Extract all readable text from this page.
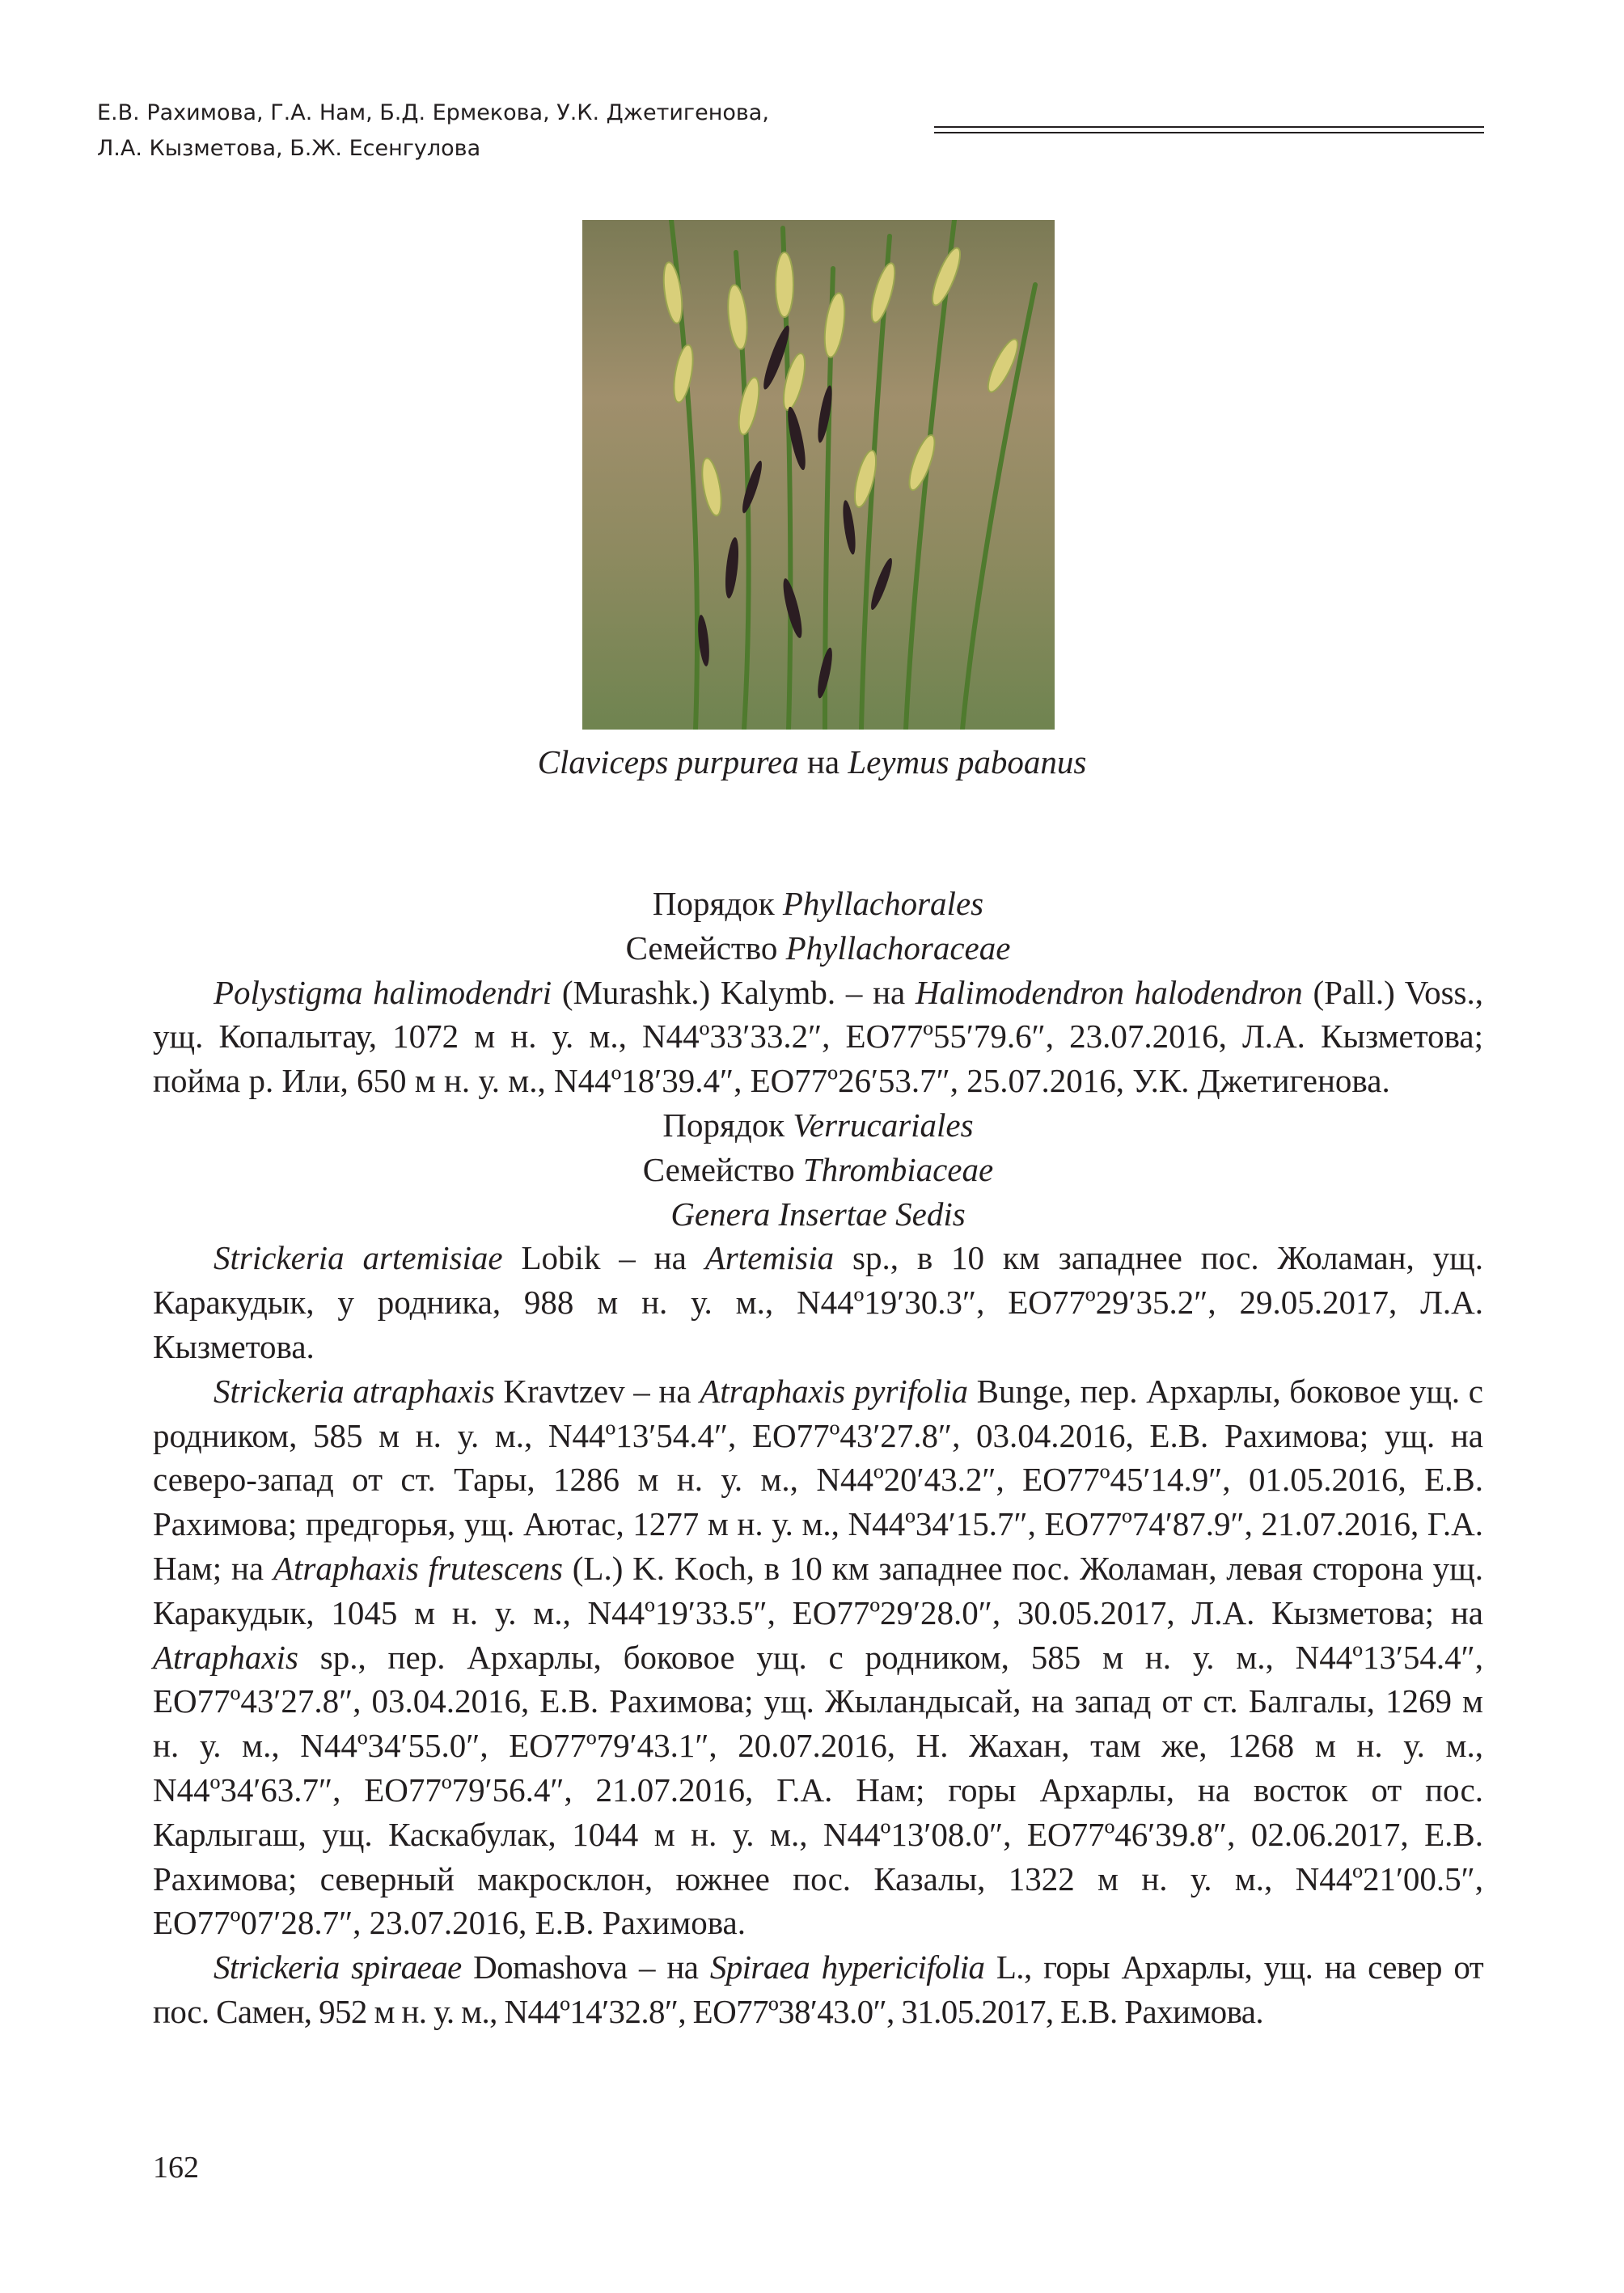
Е.В. Рахимова, Г.А. Нам, Б.Д. Ермекова, У.К. Джетигенова,
Л.А. Кызметова, Б.Ж. Есенгулова
Claviceps purpurea на Leymus paboanus
Порядок Phyllachorales
Семейство Phyllachoraceae

Polystigma halimodendri (Murashk.) Kalymb. – на Halimodendron halodendron (Pall.) Voss., ущ. Копалытау, 1072 м н. у. м., N44º33′33.2″, ЕО77º55′79.6″, 23.07.2016, Л.А. Кызметова; пойма р. Или, 650 м н. у. м., N44º18′39.4″, ЕО77º26′53.7″, 25.07.2016, У.К. Джетигенова.

Порядок Verrucariales
Семейство Thrombiaceae
Genera Insertae Sedis

Strickeria artemisiae Lobik – на Artemisia sp., в 10 км западнее пос. Жоламан, ущ. Каракудык, у родника, 988 м н. у. м., N44º19′30.3″, ЕО77º29′35.2″, 29.05.2017, Л.А. Кызметова.

Strickeria atraphaxis Kravtzev – на Atraphaxis pyrifolia Bunge, пер. Архарлы, боковое ущ. с родником, 585 м н. у. м., N44º13′54.4″, ЕО77º43′27.8″, 03.04.2016, Е.В. Рахимова; ущ. на северо-запад от ст. Тары, 1286 м н. у. м., N44º20′43.2″, ЕО77º45′14.9″, 01.05.2016, Е.В. Рахимова; предгорья, ущ. Аютас, 1277 м н. у. м., N44º34′15.7″, ЕО77º74′87.9″, 21.07.2016, Г.А. Нам; на Atraphaxis frutescens (L.) K. Koch, в 10 км западнее пос. Жоламан, левая сторона ущ. Каракудык, 1045 м н. у. м., N44º19′33.5″, ЕО77º29′28.0″, 30.05.2017, Л.А. Кызметова; на Atraphaxis sp., пер. Архарлы, боковое ущ. с родником, 585 м н. у. м., N44º13′54.4″, ЕО77º43′27.8″, 03.04.2016, Е.В. Рахимова; ущ. Жыландысай, на запад от ст. Балгалы, 1269 м н. у. м., N44º34′55.0″, ЕО77º79′43.1″, 20.07.2016, Н. Жахан, там же, 1268 м н. у. м., N44º34′63.7″, ЕО77º79′56.4″, 21.07.2016, Г.А. Нам; горы Архарлы, на восток от пос. Карлыгаш, ущ. Каскабулак, 1044 м н. у. м., N44º13′08.0″, ЕО77º46′39.8″, 02.06.2017, Е.В. Рахимова; северный макросклон, южнее пос. Казалы, 1322 м н. у. м., N44º21′00.5″, ЕО77º07′28.7″, 23.07.2016, Е.В. Рахимова.

Strickeria spiraeae Domashova – на Spiraea hypericifolia L., горы Архарлы, ущ. на север от пос. Самен, 952 м н. у. м., N44º14′32.8″, ЕО77º38′43.0″, 31.05.2017, Е.В. Рахимова.

162
